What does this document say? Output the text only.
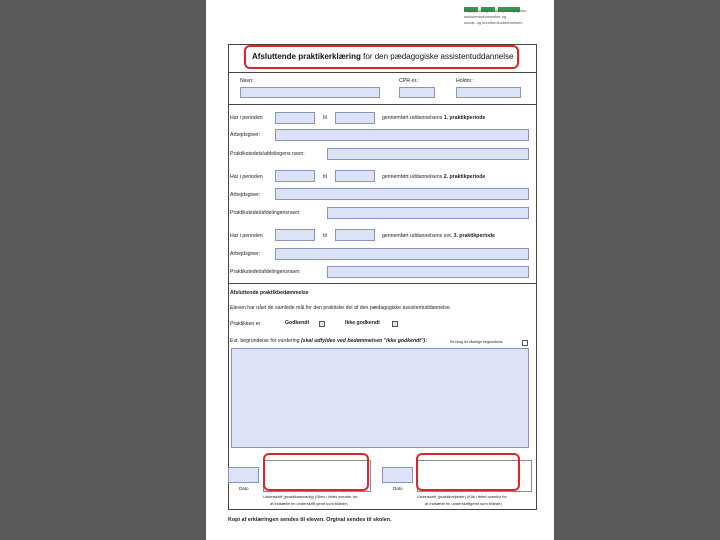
Faglig udvalg for den pædagogiske
assistentuddannelse og
social- og sundhedsuddannelsen
Afsluttende praktikerklæring for den pædagogiske assistentuddannelse
Navn:	CPR-nr.:	Holdnr.:
Har i perioden	til	gennemført uddannelsens 1. praktikperiode
Arbejdsgiver:
Praktikstedets/afdelingens navn:
Har i perioden	til	gennemført uddannelsens 2. praktikperiode
Arbejdsgiver:
Praktikstedet/afdelingensnavn:
Har i perioden	til	gennemført uddannelsens evt. 3. praktikperiode
Arbejdsgiver:
Praktikstedet/afdelingensnavn:
Afsluttende praktikbedømmelse
Eleven har nået de samlede mål for den praktiske del af den pædagogiske assistentuddannelse.
Praktikken er	Godkendt	Ikke godkendt
Evt. begrundelse for vurdering (skal udfyldes ved bedømmelsen "ikke godkendt"):	Se bilag for rådelige begrundelse
Dato
Underskrift (praktikansvarlig) (Skriv i feltet ovenfor for
at indsætte en underskrift gemt som billede)
Dato
Underskrift (praktikvejleder) (Klik i feltet ovenfor for
at indsætte en underskriftgemt som billede)
Kopi af erklæringen sendes til eleven. Orginal sendes til skolen.
